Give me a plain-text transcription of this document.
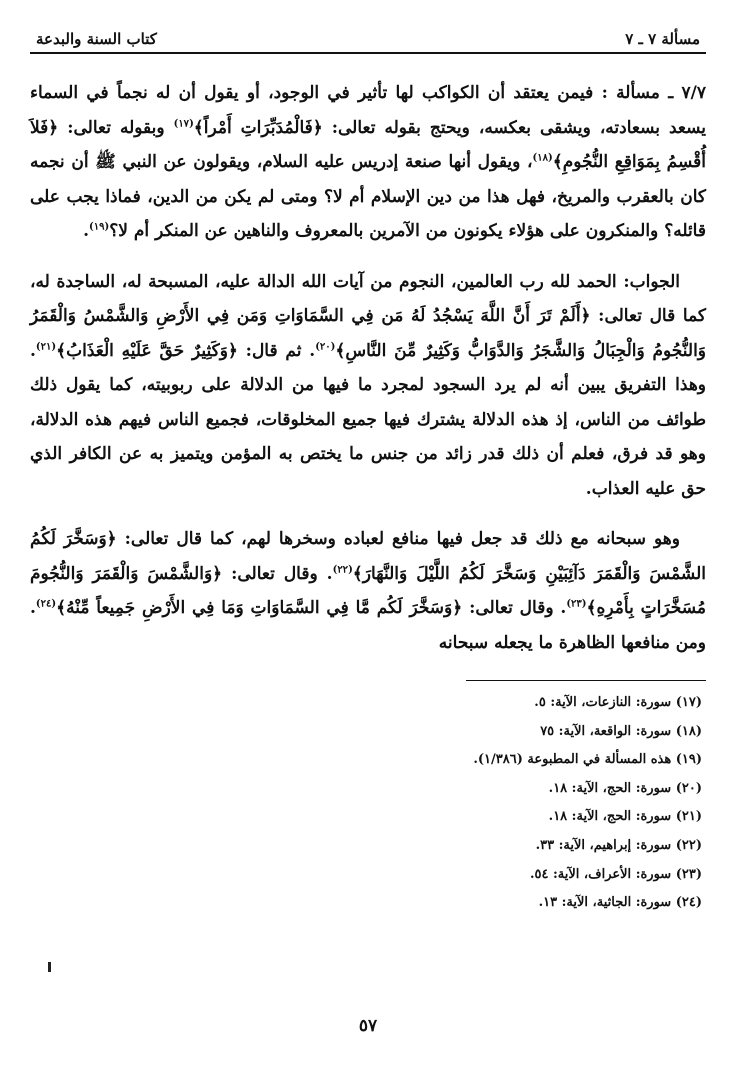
مسألة ٧ ـ ٧
كتاب السنة والبدعة

٧/٧ ـ مسألة : فيمن يعتقد أن الكواكب لها تأثير في الوجود، أو يقول أن له نجماً في السماء يسعد بسعادته، ويشقى بعكسه، ويحتج بقوله تعالى: ﴿فَالْمُدَبِّرَاتِ أَمْراً﴾$^{(١٧)}$ وبقوله تعالى: ﴿فَلاَ أُقْسِمُ بِمَوَاقِعِ النُّجُومِ﴾$^{(١٨)}$، ويقول أنها صنعة إدريس عليه السلام، ويقولون عن النبي ﷺ أن نجمه كان بالعقرب والمريخ، فهل هذا من دين الإسلام أم لا؟ ومتى لم يكن من الدين، فماذا يجب على قائله؟ والمنكرون على هؤلاء يكونون من الآمرين بالمعروف والناهين عن المنكر أم لا؟$^{(١٩)}$.

الجواب: الحمد لله رب العالمين، النجوم من آيات الله الدالة عليه، المسبحة له، الساجدة له، كما قال تعالى: ﴿أَلَمْ تَرَ أَنَّ اللَّهَ يَسْجُدُ لَهُ مَن فِي السَّمَاوَاتِ وَمَن فِي الأَرْضِ وَالشَّمْسُ وَالْقَمَرُ وَالنُّجُومُ وَالْجِبَالُ وَالشَّجَرُ وَالدَّوَابُّ وَكَثِيرٌ مِّنَ النَّاسِ﴾$^{(٢٠)}$. ثم قال: ﴿وَكَثِيرٌ حَقَّ عَلَيْهِ الْعَذَابُ﴾$^{(٢١)}$. وهذا التفريق يبين أنه لم يرد السجود لمجرد ما فيها من الدلالة على ربوبيته، كما يقول ذلك طوائف من الناس، إذ هذه الدلالة يشترك فيها جميع المخلوقات، فجميع الناس فيهم هذه الدلالة، وهو قد فرق، فعلم أن ذلك قدر زائد من جنس ما يختص به المؤمن ويتميز به عن الكافر الذي حق عليه العذاب.

وهو سبحانه مع ذلك قد جعل فيها منافع لعباده وسخرها لهم، كما قال تعالى: ﴿وَسَخَّرَ لَكُمُ الشَّمْسَ وَالْقَمَرَ دَآئِبَيْنِ وَسَخَّرَ لَكُمُ اللَّيْلَ وَالنَّهَارَ﴾$^{(٢٢)}$. وقال تعالى: ﴿وَالشَّمْسَ وَالْقَمَرَ وَالنُّجُومَ مُسَخَّرَاتٍ بِأَمْرِهِ﴾$^{(٢٣)}$. وقال تعالى: ﴿وَسَخَّرَ لَكُم مَّا فِي السَّمَاوَاتِ وَمَا فِي الأَرْضِ جَمِيعاً مِّنْهُ﴾$^{(٢٤)}$. ومن منافعها الظاهرة ما يجعله سبحانه

(١٧) سورة: النازعات، الآية: ٥.
(١٨) سورة: الواقعة، الآية: ٧٥
(١٩) هذه المسألة في المطبوعة (١/٣٨٦).
(٢٠) سورة: الحج، الآية: ١٨.
(٢١) سورة: الحج، الآية: ١٨.
(٢٢) سورة: إبراهيم، الآية: ٣٣.
(٢٣) سورة: الأعراف، الآية: ٥٤.
(٢٤) سورة: الجاثية، الآية: ١٣.
٥٧
